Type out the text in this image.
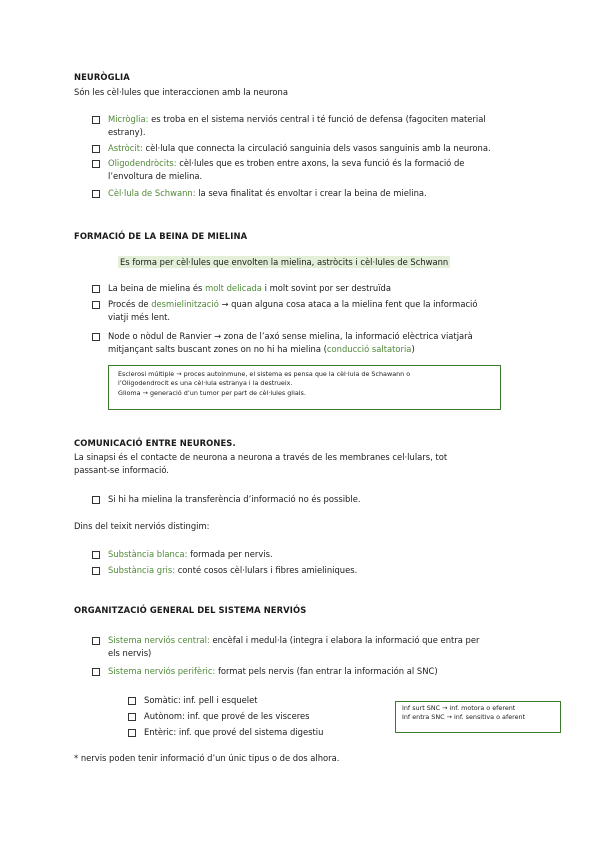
NEURÒGLIA
Són les cèl·lules que interaccionen amb la neurona
Micròglia: es troba en el sistema nerviós central i té funció de defensa (fagociten material
estrany).
Astròcit: cèl·lula que connecta la circulació sanguinia dels vasos sanguinis amb la neurona.
Oligodendròcits: cèl·lules que es troben entre axons, la seva funció és la formació de
l’envoltura de mielina.
Cèl·lula de Schwann: la seva finalitat és envoltar i crear la beina de mielina.
FORMACIÓ DE LA BEINA DE MIELINA
Es forma per cèl·lules que envolten la mielina, astròcits i cèl·lules de Schwann
La beina de mielina és molt delicada i molt sovint por ser destruïda
Procés de desmielinització → quan alguna cosa ataca a la mielina fent que la informació
viatji més lent.
Node o nòdul de Ranvier → zona de l’axó sense mielina, la informació elèctrica viatjarà
mitjançant salts buscant zones on no hi ha mielina (conducció saltatoria)
Esclerosi múltiple → proces autoinmune, el sistema es pensa que la cèl·lula de Schawann o
l’Oligodendrocit es una cèl·lula estranya i la destrueix.
Glioma → generació d’un tumor per part de cèl·lules glials.
COMUNICACIÓ ENTRE NEURONES.
La sinapsi és el contacte de neurona a neurona a través de les membranes cel·lulars, tot
passant-se informació.
Si hi ha mielina la transferència d’informació no és possible.
Dins del teixit nerviós distingim:
Substància blanca: formada per nervis.
Substància gris: conté cosos cèl·lulars i fibres amieliniques.
ORGANITZACIÓ GENERAL DEL SISTEMA NERVIÓS
Sistema nerviós central: encèfal i medul·la (integra i elabora la informació que entra per
els nervis)
Sistema nerviós perifèric: format pels nervis (fan entrar la información al SNC)
Somàtic: inf. pell i esquelet
Autònom: inf. que prové de les visceres
Entèric: inf. que prové del sistema digestiu
Inf surt SNC → inf. motora o eferent
Inf entra SNC → inf. sensitiva o aferent
* nervis poden tenir informació d’un únic tipus o de dos alhora.
